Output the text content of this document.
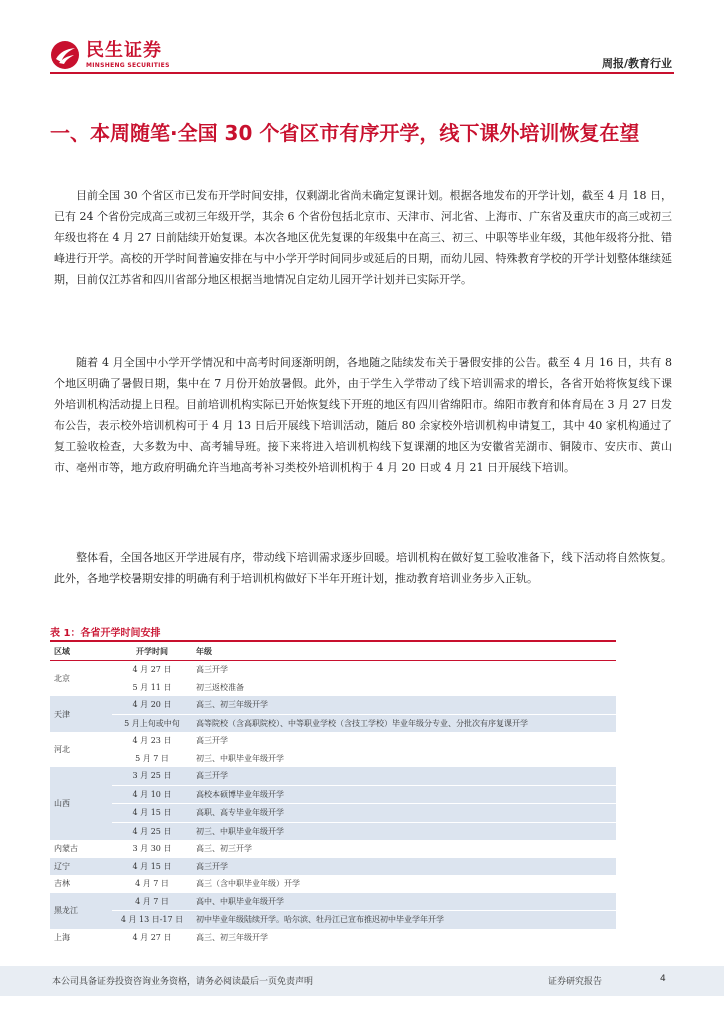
民生证券
MINSHENG SECURITIES	周报/教育行业
一、本周随笔·全国 30 个省区市有序开学，线下课外培训恢复在望

目前全国 30 个省区市已发布开学时间安排，仅剩湖北省尚未确定复课计划。根据各地发布的开学计划，截至 4 月 18 日，已有 24 个省份完成高三或初三年级开学，其余 6 个省份包括北京市、天津市、河北省、上海市、广东省及重庆市的高三或初三年级也将在 4 月 27 日前陆续开始复课。本次各地区优先复课的年级集中在高三、初三、中职等毕业年级，其他年级将分批、错峰进行开学。高校的开学时间普遍安排在与中小学开学时间同步或延后的日期，而幼儿园、特殊教育学校的开学计划整体继续延期，目前仅江苏省和四川省部分地区根据当地情况自定幼儿园开学计划并已实际开学。

随着 4 月全国中小学开学情况和中高考时间逐渐明朗，各地随之陆续发布关于暑假安排的公告。截至 4 月 16 日，共有 8 个地区明确了暑假日期，集中在 7 月份开始放暑假。此外，由于学生入学带动了线下培训需求的增长，各省开始将恢复线下课外培训机构活动提上日程。目前培训机构实际已开始恢复线下开班的地区有四川省绵阳市。绵阳市教育和体育局在 3 月 27 日发布公告，表示校外培训机构可于 4 月 13 日后开展线下培训活动，随后 80 余家校外培训机构申请复工，其中 40 家机构通过了复工验收检查，大多数为中、高考辅导班。接下来将进入培训机构线下复课潮的地区为安徽省芜湖市、铜陵市、安庆市、黄山市、亳州市等，地方政府明确允许当地高考补习类校外培训机构于 4 月 20 日或 4 月 21 日开展线下培训。

整体看，全国各地区开学进展有序，带动线下培训需求逐步回暖。培训机构在做好复工验收准备下，线下活动将自然恢复。此外，各地学校暑期安排的明确有利于培训机构做好下半年开班计划，推动教育培训业务步入正轨。

表 1：各省开学时间安排
区域	开学时间	年级
北京	4 月 27 日	高三开学
	5 月 11 日	初三返校准备
天津	4 月 20 日	高三、初三年级开学
	5 月上旬或中旬	高等院校（含高职院校）、中等职业学校（含技工学校）毕业年级分专业、分批次有序复课开学
河北	4 月 23 日	高三开学
	5 月 7 日	初三、中职毕业年级开学
山西	3 月 25 日	高三开学
	4 月 10 日	高校本硕博毕业年级开学
	4 月 15 日	高职、高专毕业年级开学
	4 月 25 日	初三、中职毕业年级开学
内蒙古	3 月 30 日	高三、初三开学
辽宁	4 月 15 日	高三开学
吉林	4 月 7 日	高三（含中职毕业年级）开学
黑龙江	4 月 7 日	高中、中职毕业年级开学
	4 月 13 日-17 日	初中毕业年级陆续开学。哈尔滨、牡丹江已宣布推迟初中毕业学年开学
上海	4 月 27 日	高三、初三年级开学
本公司具备证券投资咨询业务资格，请务必阅读最后一页免责声明	证券研究报告	4
